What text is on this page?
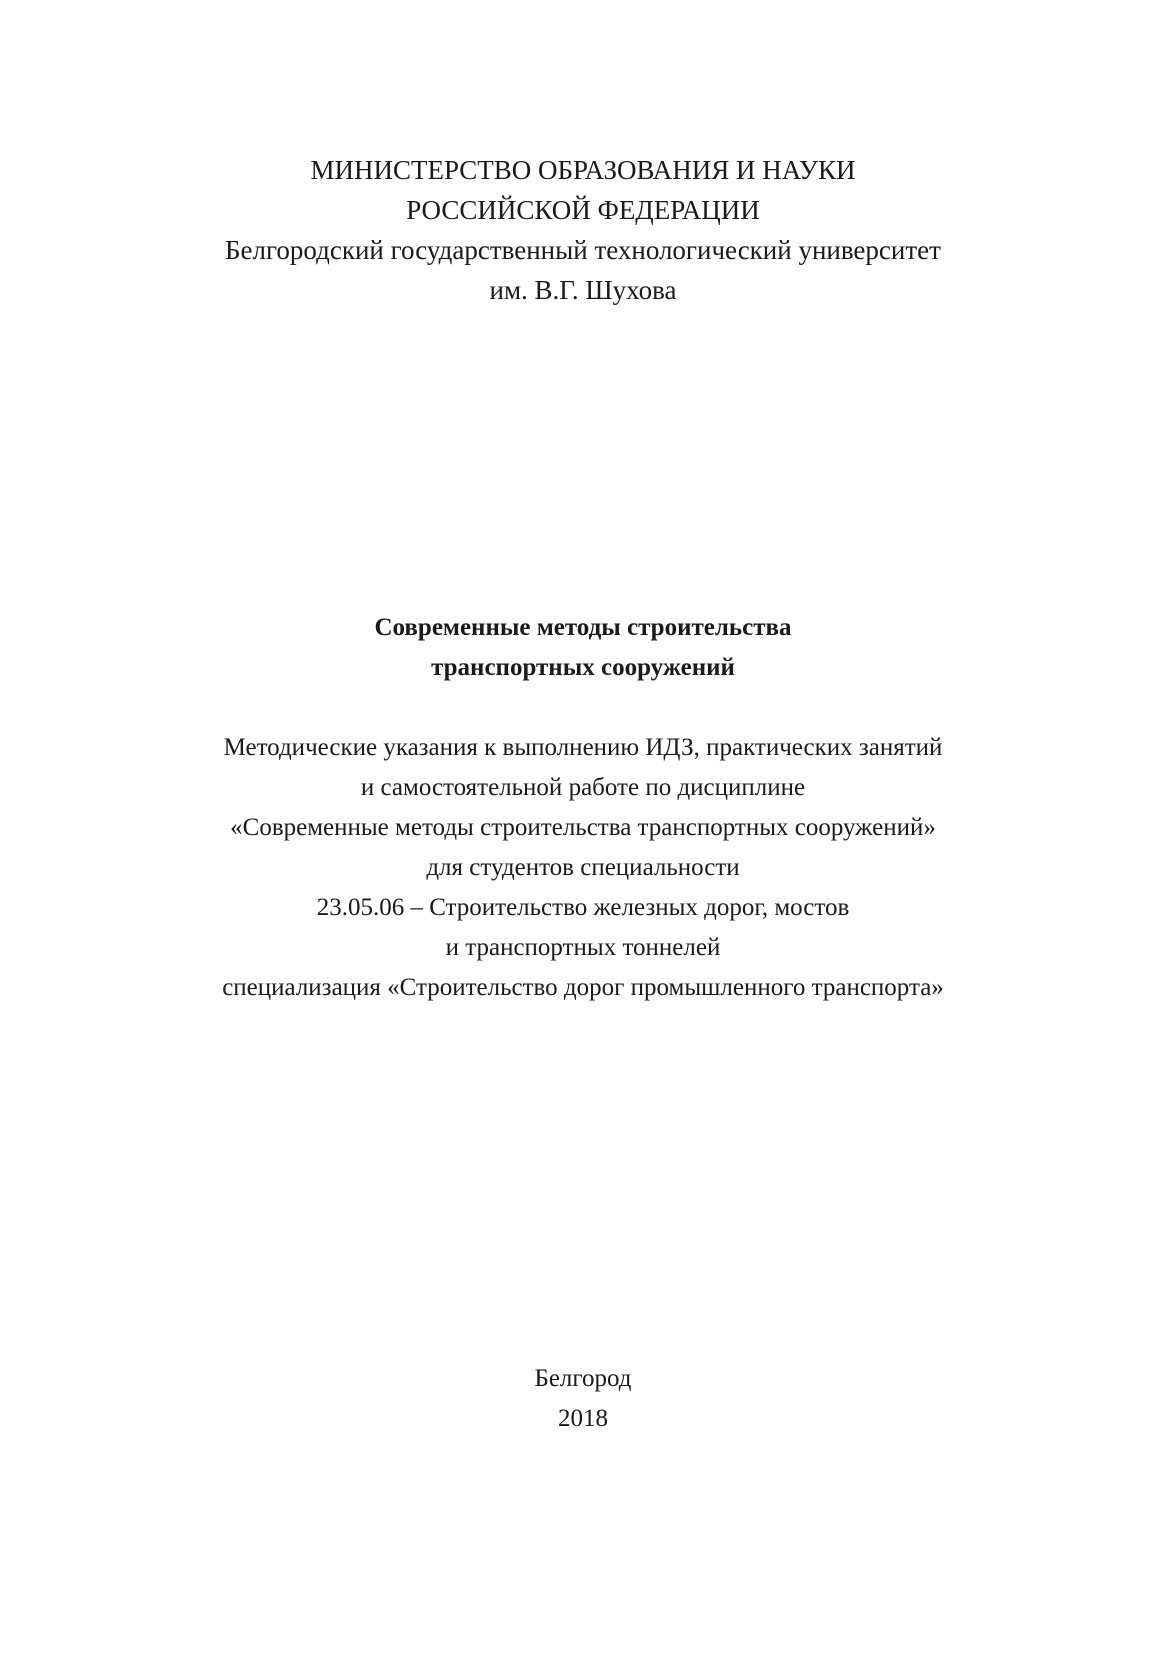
МИНИСТЕРСТВО ОБРАЗОВАНИЯ И НАУКИ
РОССИЙСКОЙ ФЕДЕРАЦИИ
Белгородский государственный технологический университет
им. В.Г. Шухова
Современные методы строительства
транспортных сооружений
Методические указания к выполнению ИДЗ, практических занятий
и самостоятельной работе по дисциплине
«Современные методы строительства транспортных сооружений»
для студентов специальности
23.05.06 – Строительство железных дорог, мостов
и транспортных тоннелей
специализация «Строительство дорог промышленного транспорта»
Белгород
2018
